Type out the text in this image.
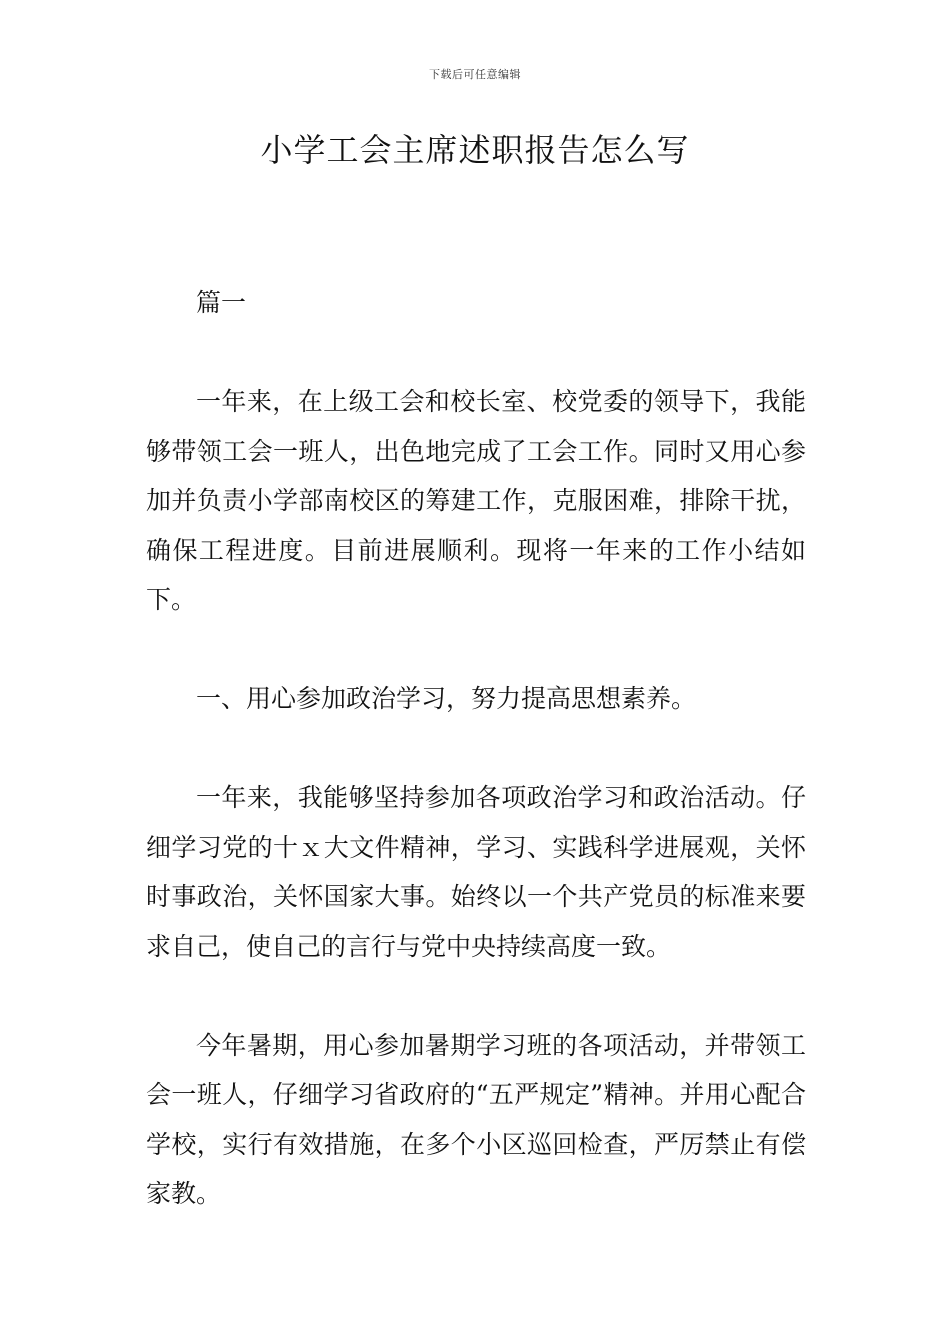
下载后可任意编辑
小学工会主席述职报告怎么写

篇一

一年来，在上级工会和校长室、校党委的领导下，我能够带领工会一班人，出色地完成了工会工作。同时又用心参加并负责小学部南校区的筹建工作，克服困难，排除干扰，确保工程进度。目前进展顺利。现将一年来的工作小结如下。

一、用心参加政治学习，努力提高思想素养。

一年来，我能够坚持参加各项政治学习和政治活动。仔细学习党的十ｘ大文件精神，学习、实践科学进展观，关怀时事政治，关怀国家大事。始终以一个共产党员的标准来要求自己，使自己的言行与党中央持续高度一致。

今年暑期，用心参加暑期学习班的各项活动，并带领工会一班人，仔细学习省政府的“五严规定”精神。并用心配合学校，实行有效措施，在多个小区巡回检查，严厉禁止有偿家教。
